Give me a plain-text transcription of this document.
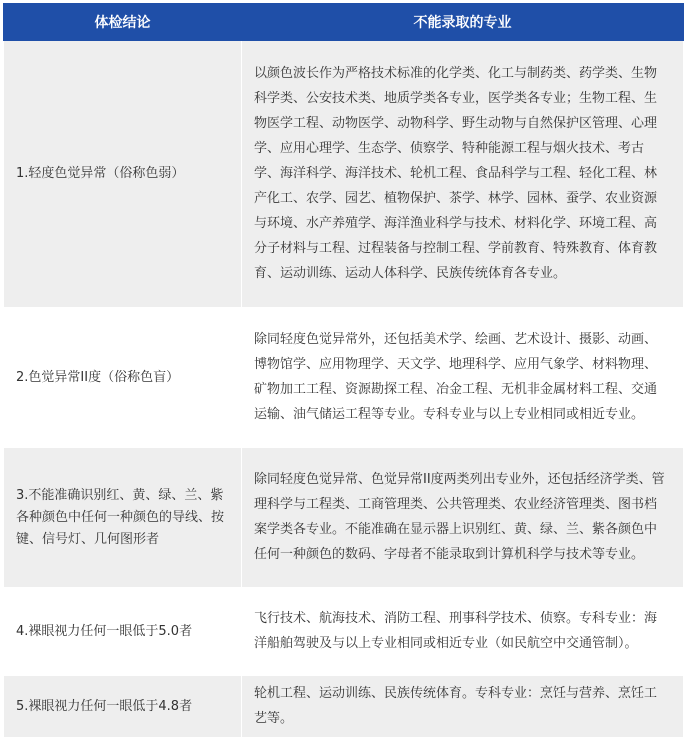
体检结论	不能录取的专业
1.轻度色觉异常（俗称色弱）	以颜色波长作为严格技术标准的化学类、化工与制药类、药学类、生物科学类、公安技术类、地质学类各专业，医学类各专业；生物工程、生物医学工程、动物医学、动物科学、野生动物与自然保护区管理、心理学、应用心理学、生态学、侦察学、特种能源工程与烟火技术、考古学、海洋科学、海洋技术、轮机工程、食品科学与工程、轻化工程、林产化工、农学、园艺、植物保护、茶学、林学、园林、蚕学、农业资源与环境、水产养殖学、海洋渔业科学与技术、材料化学、环境工程、高分子材料与工程、过程装备与控制工程、学前教育、特殊教育、体育教育、运动训练、运动人体科学、民族传统体育各专业。
2.色觉异常II度（俗称色盲）	除同轻度色觉异常外，还包括美术学、绘画、艺术设计、摄影、动画、博物馆学、应用物理学、天文学、地理科学、应用气象学、材料物理、矿物加工工程、资源勘探工程、冶金工程、无机非金属材料工程、交通运输、油气储运工程等专业。专科专业与以上专业相同或相近专业。
3.不能准确识别红、黄、绿、兰、紫各种颜色中任何一种颜色的导线、按键、信号灯、几何图形者	除同轻度色觉异常、色觉异常II度两类列出专业外，还包括经济学类、管理科学与工程类、工商管理类、公共管理类、农业经济管理类、图书档案学类各专业。不能准确在显示器上识别红、黄、绿、兰、紫各颜色中任何一种颜色的数码、字母者不能录取到计算机科学与技术等专业。
4.裸眼视力任何一眼低于5.0者	飞行技术、航海技术、消防工程、刑事科学技术、侦察。专科专业：海洋船舶驾驶及与以上专业相同或相近专业（如民航空中交通管制）。
5.裸眼视力任何一眼低于4.8者	轮机工程、运动训练、民族传统体育。专科专业：烹饪与营养、烹饪工艺等。
